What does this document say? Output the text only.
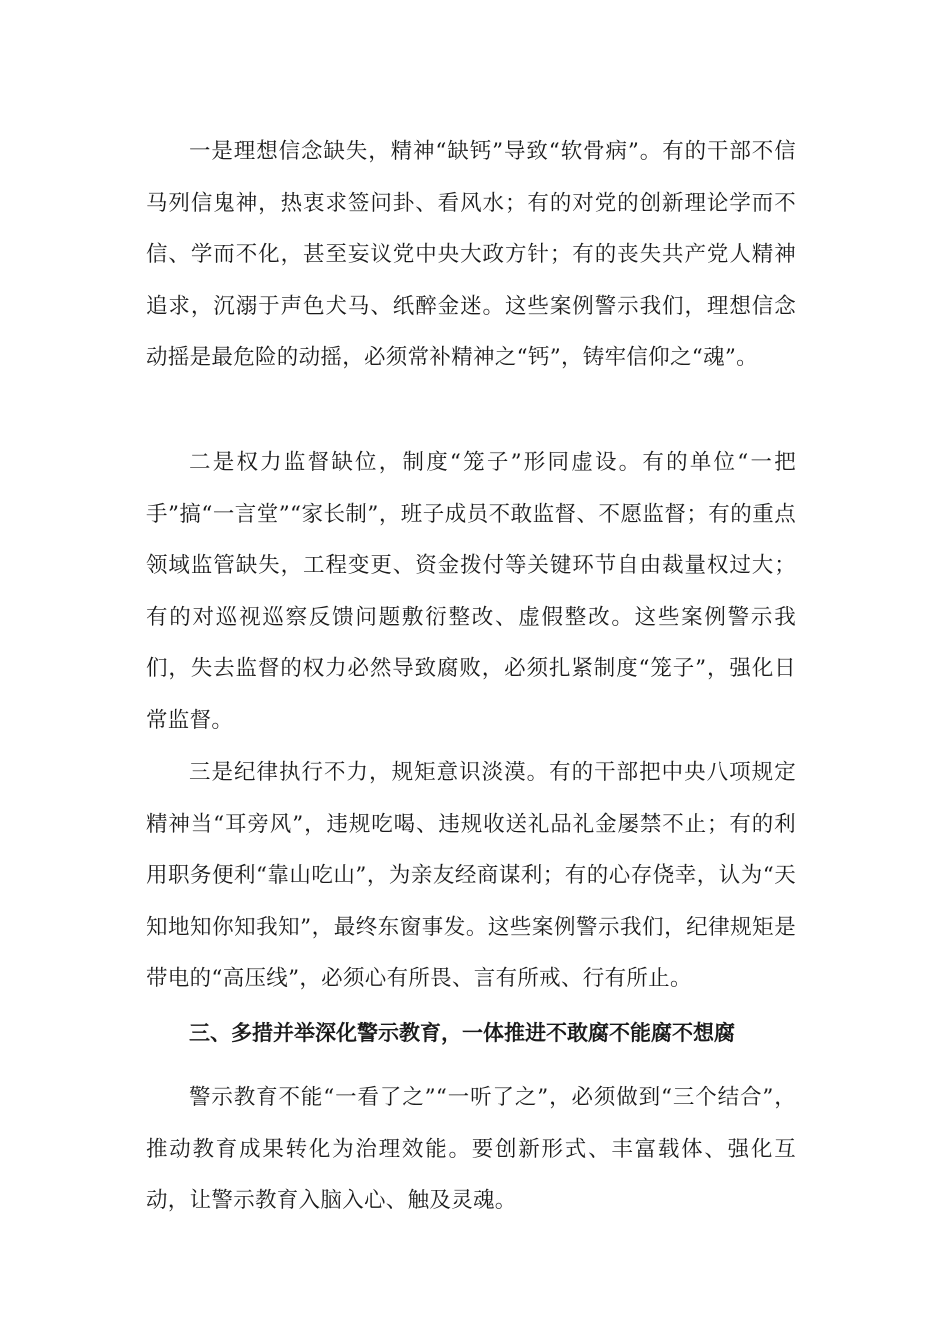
一是理想信念缺失，精神“缺钙”导致“软骨病”。有的干部不信马列信鬼神，热衷求签问卦、看风水；有的对党的创新理论学而不信、学而不化，甚至妄议党中央大政方针；有的丧失共产党人精神追求，沉溺于声色犬马、纸醉金迷。这些案例警示我们，理想信念动摇是最危险的动摇，必须常补精神之“钙”，铸牢信仰之“魂”。

二是权力监督缺位，制度“笼子”形同虚设。有的单位“一把手”搞“一言堂”“家长制”，班子成员不敢监督、不愿监督；有的重点领域监管缺失，工程变更、资金拨付等关键环节自由裁量权过大；有的对巡视巡察反馈问题敷衍整改、虚假整改。这些案例警示我们，失去监督的权力必然导致腐败，必须扎紧制度“笼子”，强化日常监督。

三是纪律执行不力，规矩意识淡漠。有的干部把中央八项规定精神当“耳旁风”，违规吃喝、违规收送礼品礼金屡禁不止；有的利用职务便利“靠山吃山”，为亲友经商谋利；有的心存侥幸，认为“天知地知你知我知”，最终东窗事发。这些案例警示我们，纪律规矩是带电的“高压线”，必须心有所畏、言有所戒、行有所止。

三、多措并举深化警示教育，一体推进不敢腐不能腐不想腐

警示教育不能“一看了之”“一听了之”，必须做到“三个结合”，推动教育成果转化为治理效能。要创新形式、丰富载体、强化互动，让警示教育入脑入心、触及灵魂。
